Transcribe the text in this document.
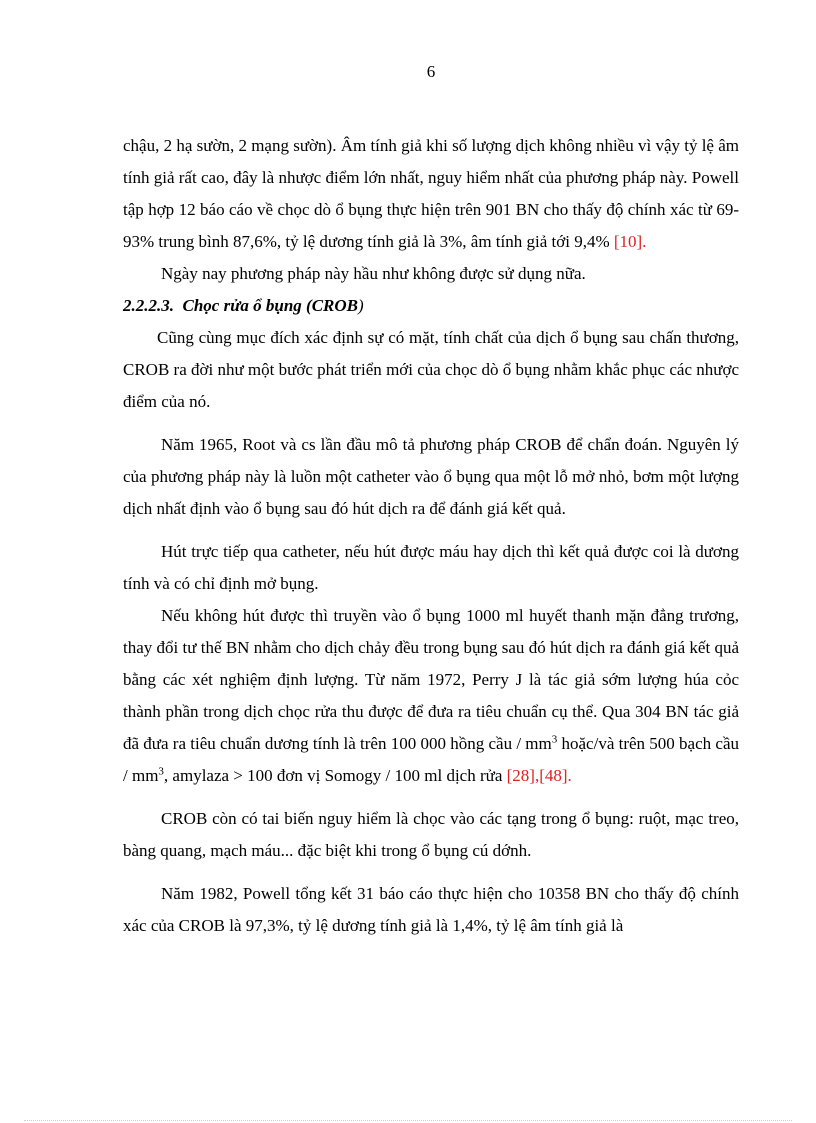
6

chậu, 2 hạ sườn, 2 mạng sườn). Âm tính giả khi số lượng dịch không nhiều vì vậy tỷ lệ âm tính giả rất cao, đây là nhược điểm lớn nhất, nguy hiểm nhất của phương pháp này. Powell tập hợp 12 báo cáo về chọc dò ổ bụng thực hiện trên 901 BN cho thấy độ chính xác từ 69-93% trung bình 87,6%, tỷ lệ dương tính giả là 3%, âm tính giả tới 9,4% [10].

Ngày nay phương pháp này hầu như không được sử dụng nữa.

2.2.2.3. Chọc rửa ổ bụng (CROB)

Cũng cùng mục đích xác định sự có mặt, tính chất của dịch ổ bụng sau chấn thương, CROB ra đời như một bước phát triển mới của chọc dò ổ bụng nhằm khắc phục các nhược điểm của nó.

Năm 1965, Root và cs lần đầu mô tả phương pháp CROB để chẩn đoán. Nguyên lý của phương pháp này là luồn một catheter vào ổ bụng qua một lỗ mở nhỏ, bơm một lượng dịch nhất định vào ổ bụng sau đó hút dịch ra để đánh giá kết quả.

Hút trực tiếp qua catheter, nếu hút được máu hay dịch thì kết quả được coi là dương tính và có chỉ định mở bụng.

Nếu không hút được thì truyền vào ổ bụng 1000 ml huyết thanh mặn đẳng trương, thay đổi tư thế BN nhằm cho dịch chảy đều trong bụng sau đó hút dịch ra đánh giá kết quả bằng các xét nghiệm định lượng. Từ năm 1972, Perry J là tác giả sớm lượng húa cỏc thành phần trong dịch chọc rửa thu được để đưa ra tiêu chuẩn cụ thể. Qua 304 BN tác giả đã đưa ra tiêu chuẩn dương tính là trên 100 000 hồng cầu / $mm^3$ hoặc/và trên 500 bạch cầu / $mm^3$, amylaza > 100 đơn vị Somogy / 100 ml dịch rửa [28],[48].

CROB còn có tai biến nguy hiểm là chọc vào các tạng trong ổ bụng: ruột, mạc treo, bàng quang, mạch máu... đặc biệt khi trong ổ bụng cú dớnh.

Năm 1982, Powell tổng kết 31 báo cáo thực hiện cho 10358 BN cho thấy độ chính xác của CROB là 97,3%, tỷ lệ dương tính giả là 1,4%, tỷ lệ âm tính giả là
